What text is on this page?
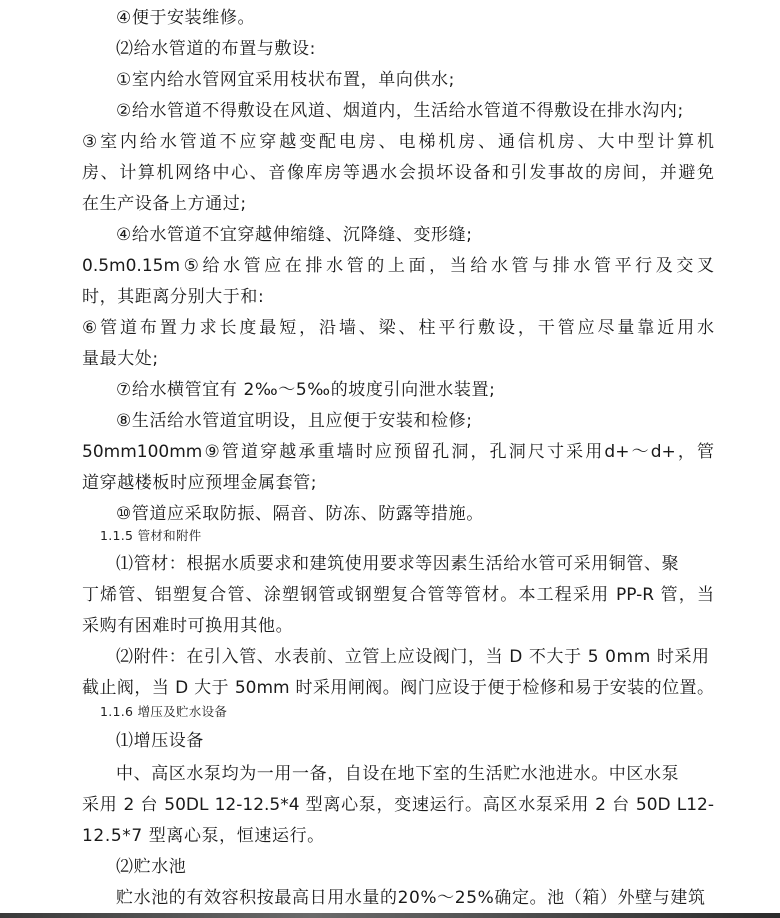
④便于安装维修。
⑵给水管道的布置与敷设:
①室内给水管网宜采用枝状布置，单向供水;
②给水管道不得敷设在风道、烟道内，生活给水管道不得敷设在排水沟内;
③室内给水管道不应穿越变配电房、电梯机房、通信机房、大中型计算机
房、计算机网络中心、音像库房等遇水会损坏设备和引发事故的房间，并避免
在生产设备上方通过;
④给水管道不宜穿越伸缩缝、沉降缝、变形缝;
0.5m0.15m⑤给水管应在排水管的上面，当给水管与排水管平行及交叉
时，其距离分别大于和:
⑥管道布置力求长度最短，沿墙、梁、柱平行敷设，干管应尽量靠近用水
量最大处;
⑦给水横管宜有 2‰～5‰的坡度引向泄水装置;
⑧生活给水管道宜明设，且应便于安装和检修;
50mm100mm⑨管道穿越承重墙时应预留孔洞，孔洞尺寸采用d+～d+，管
道穿越楼板时应预埋金属套管;
⑩管道应采取防振、隔音、防冻、防露等措施。
1.1.5 管材和附件
⑴管材：根据水质要求和建筑使用要求等因素生活给水管可采用铜管、聚
丁烯管、铝塑复合管、涂塑钢管或钢塑复合管等管材。本工程采用 PP-R 管，当
采购有困难时可换用其他。
⑵附件：在引入管、水表前、立管上应设阀门，当 D 不大于 5 0mm 时采用
截止阀，当 D 大于 50mm 时采用闸阀。阀门应设于便于检修和易于安装的位置。
1.1.6 增压及贮水设备
⑴增压设备
中、高区水泵均为一用一备，自设在地下室的生活贮水池进水。中区水泵
采用 2 台 50DL 12-12.5*4 型离心泵，变速运行。高区水泵采用 2 台 50D L12-
12.5*7 型离心泵，恒速运行。
⑵贮水池
贮水池的有效容积按最高日用水量的20%～25%确定。池（箱）外壁与建筑
